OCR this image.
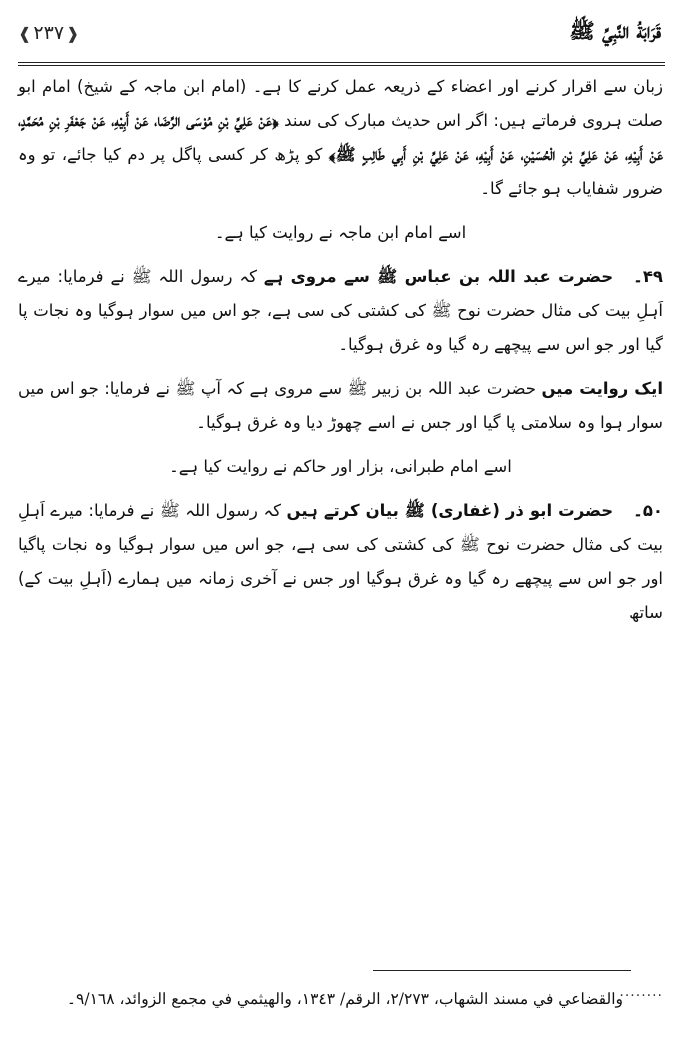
❰ ٢٣٧ ❱	قَرَابَةُ النَّبِيِّ ﷺ

زبان سے اقرار کرنے اور اعضاء کے ذریعہ عمل کرنے کا ہے۔ (امام ابن ماجہ کے شیخ) امام ابو صلت ہروی فرماتے ہیں: اگر اس حدیث مبارک کی سند ﴿عَنْ عَلِيِّ بْنِ مُوْسَى الرِّضَا، عَنْ أَبِيْهِ، عَنْ جَعْفَرِ بْنِ مُحَمَّدٍ، عَنْ أَبِيْهِ، عَنْ عَلِيِّ بْنِ الْحُسَيْنِ، عَنْ أَبِيْهِ، عَنْ عَلِيِّ بْنِ أَبِي طَالِبٍ ﷺ﴾ کو پڑھ کر کسی پاگل پر دم کیا جائے، تو وہ ضرور شفایاب ہو جائے گا۔

اسے امام ابن ماجہ نے روایت کیا ہے۔

۴۹۔حضرت عبد اللہ بن عباس ﷺ سے مروی ہے کہ رسول اللہ ﷺ نے فرمایا: میرے اَہلِ بیت کی مثال حضرت نوح ﷺ کی کشتی کی سی ہے، جو اس میں سوار ہوگیا وہ نجات پا گیا اور جو اس سے پیچھے رہ گیا وہ غرق ہوگیا۔

ایک روایت میں حضرت عبد اللہ بن زبیر ﷺ سے مروی ہے کہ آپ ﷺ نے فرمایا: جو اس میں سوار ہوا وہ سلامتی پا گیا اور جس نے اسے چھوڑ دیا وہ غرق ہوگیا۔

اسے امام طبرانی، بزار اور حاکم نے روایت کیا ہے۔

۵۰۔حضرت ابو ذر (غفاری) ﷺ بیان کرتے ہیں کہ رسول اللہ ﷺ نے فرمایا: میرے اَہلِ بیت کی مثال حضرت نوح ﷺ کی کشتی کی سی ہے، جو اس میں سوار ہوگیا وہ نجات پاگیا اور جو اس سے پیچھے رہ گیا وہ غرق ہوگیا اور جس نے آخری زمانہ میں ہمارے (اَہلِ بیت کے) ساتھ

والقضاعي في مسند الشهاب، ٢/٢٧٣، الرقم/ ١٣٤٣، والهيثمي في مجمع الزوائد، ٩/١٦٨۔
........
